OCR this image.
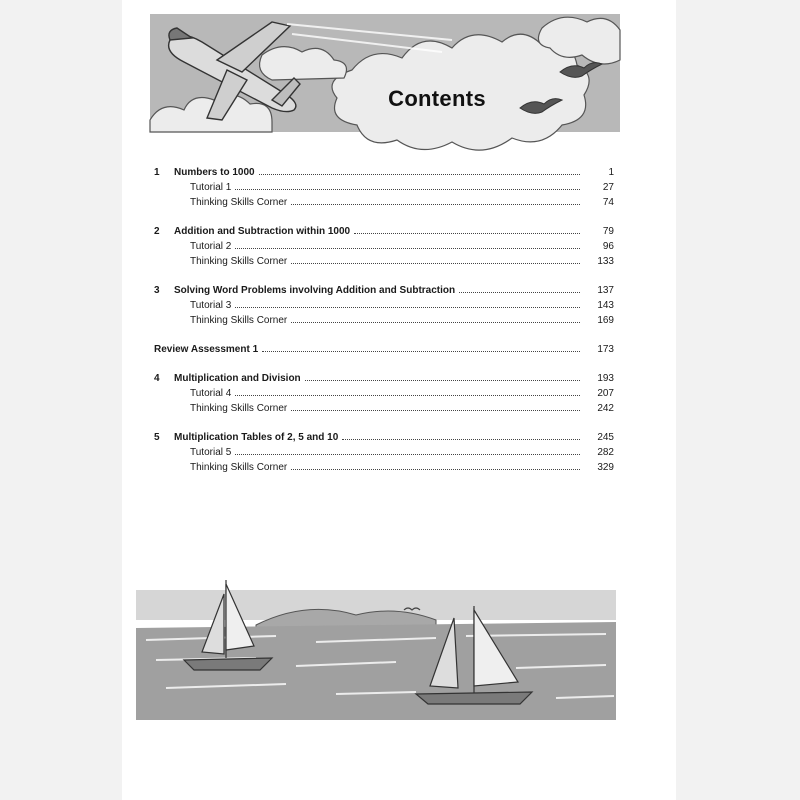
Contents
1	Numbers to 1000	1
Tutorial 1	27
Thinking Skills Corner	74
2	Addition and Subtraction within 1000	79
Tutorial 2	96
Thinking Skills Corner	133
3	Solving Word Problems involving Addition and Subtraction	137
Tutorial 3	143
Thinking Skills Corner	169
Review Assessment 1	173
4	Multiplication and Division	193
Tutorial 4	207
Thinking Skills Corner	242
5	Multiplication Tables of 2, 5 and 10	245
Tutorial 5	282
Thinking Skills Corner	329
